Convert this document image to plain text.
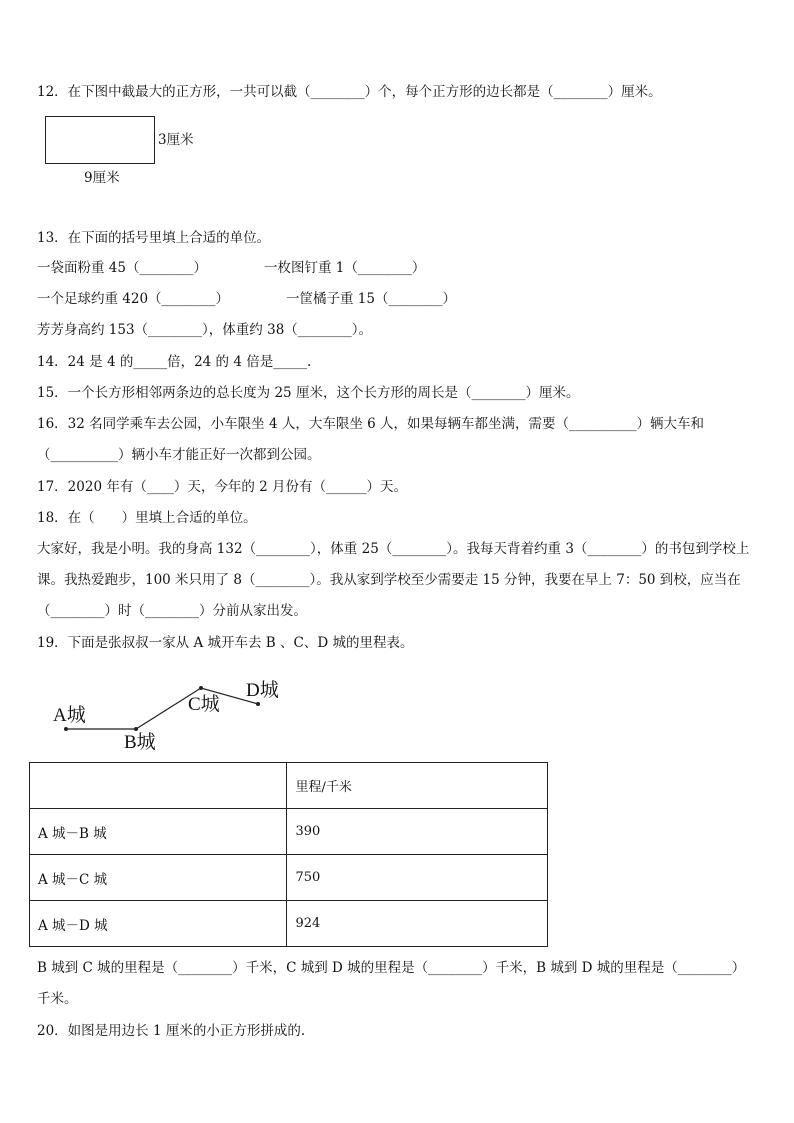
12．在下图中截最大的正方形，一共可以截（________）个，每个正方形的边长都是（________）厘米。
3厘米
9厘米
13．在下面的括号里填上合适的单位。
一袋面粉重 45（________）	一枚图钉重 1（________）
一个足球约重 420（________）	一筐橘子重 15（________）
芳芳身高约 153（________），体重约 38（________）。
14．24 是 4 的_____倍，24 的 4 倍是_____.
15．一个长方形相邻两条边的总长度为 25 厘米，这个长方形的周长是（________）厘米。
16．32 名同学乘车去公园，小车限坐 4 人，大车限坐 6 人，如果每辆车都坐满，需要（__________）辆大车和
（__________）辆小车才能正好一次都到公园。
17．2020 年有（____）天，今年的 2 月份有（______）天。
18．在（　　）里填上合适的单位。
大家好，我是小明。我的身高 132（________），体重 25（________）。我每天背着约重 3（________）的书包到学校上
课。我热爱跑步，100 米只用了 8（________）。我从家到学校至少需要走 15 分钟，我要在早上 7：50 到校，应当在
（________）时（________）分前从家出发。
19．下面是张叔叔一家从 A 城开车去 B 、C、D 城的里程表。
A城
B城
C城
D城
	里程/千米
A 城－B 城	390
A 城－C 城	750
A 城－D 城	924
B 城到 C 城的里程是（________）千米，C 城到 D 城的里程是（________）千米，B 城到 D 城的里程是（________）
千米。
20．如图是用边长 1 厘米的小正方形拼成的.
